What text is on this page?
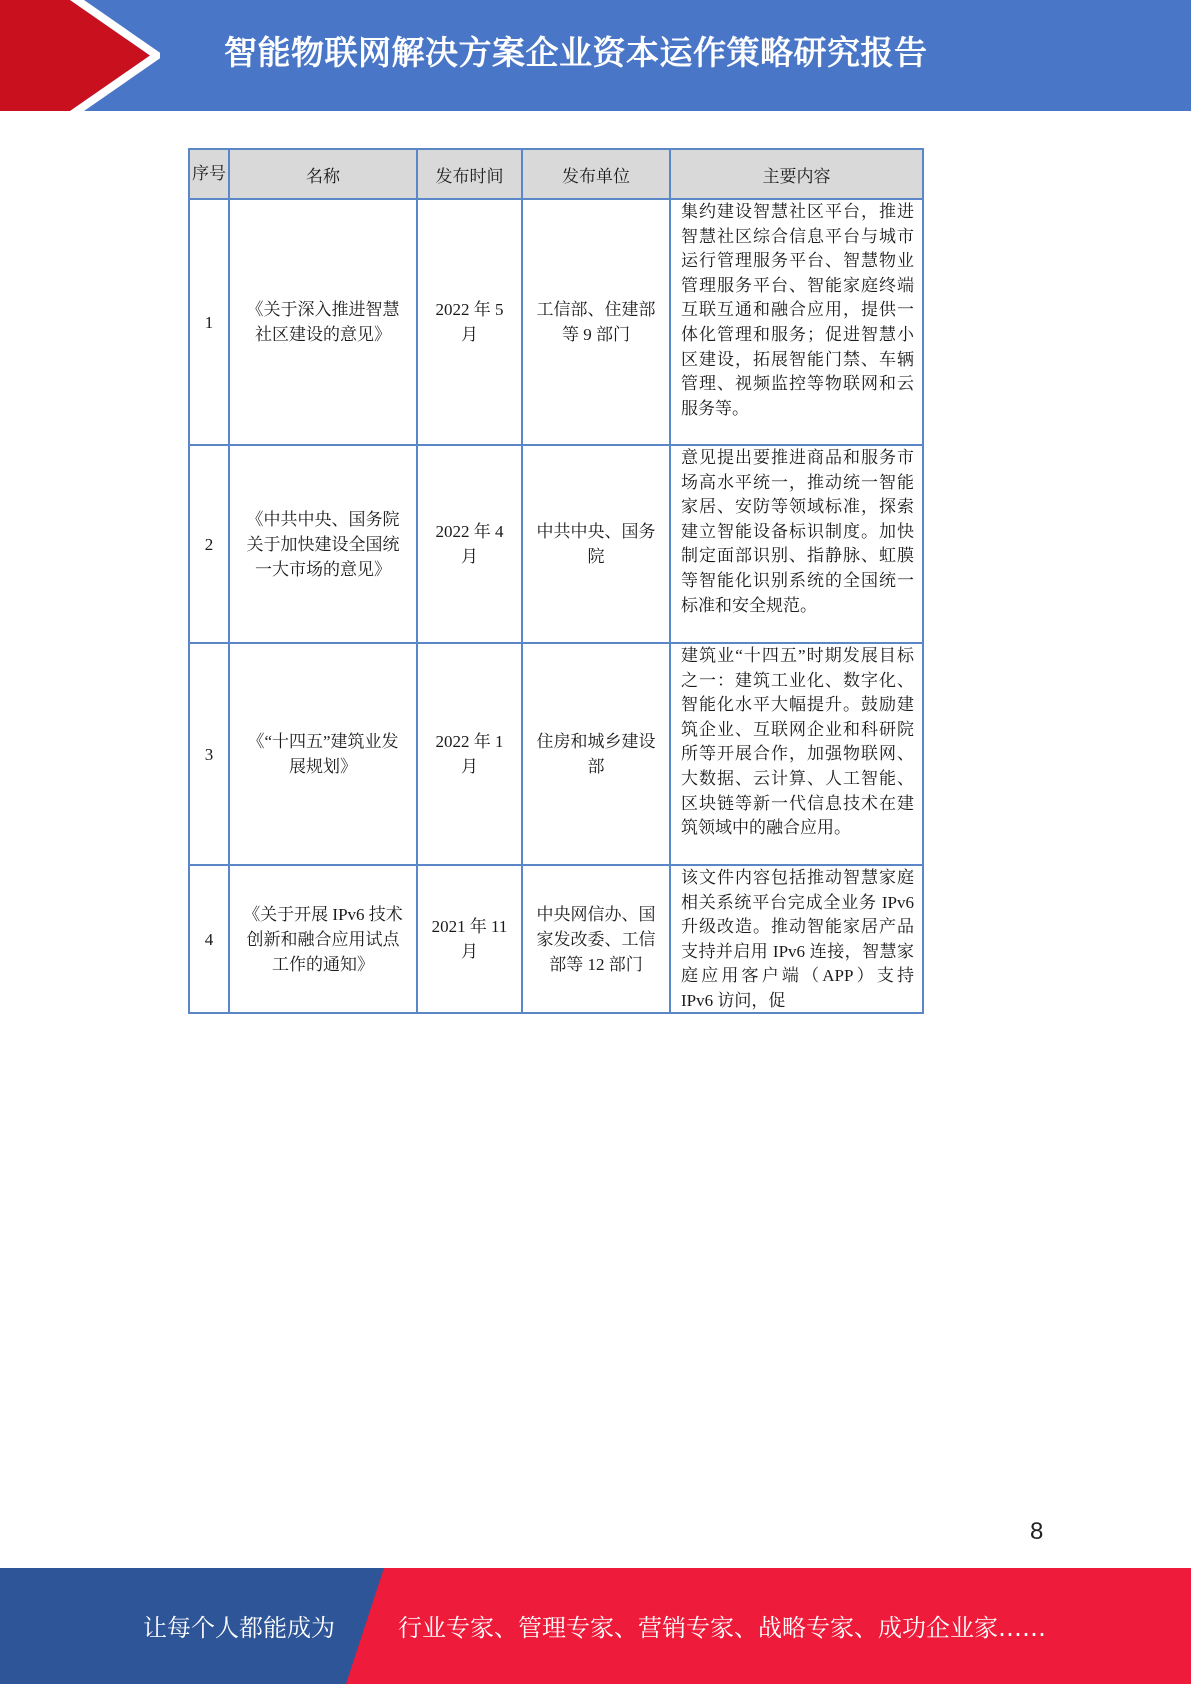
智能物联网解决方案企业资本运作策略研究报告
序号	名称	发布时间	发布单位	主要内容
1	《关于深入推进智慧社区建设的意见》	2022 年 5 月	工信部、住建部等 9 部门	集约建设智慧社区平台，推进智慧社区综合信息平台与城市运行管理服务平台、智慧物业管理服务平台、智能家庭终端互联互通和融合应用，提供一体化管理和服务；促进智慧小区建设，拓展智能门禁、车辆管理、视频监控等物联网和云服务等。
2	《中共中央、国务院关于加快建设全国统一大市场的意见》	2022 年 4 月	中共中央、国务院	意见提出要推进商品和服务市场高水平统一，推动统一智能家居、安防等领域标准，探索建立智能设备标识制度。加快制定面部识别、指静脉、虹膜等智能化识别系统的全国统一标准和安全规范。
3	《“十四五”建筑业发展规划》	2022 年 1 月	住房和城乡建设部	建筑业“十四五”时期发展目标之一：建筑工业化、数字化、智能化水平大幅提升。鼓励建筑企业、互联网企业和科研院所等开展合作，加强物联网、大数据、云计算、人工智能、区块链等新一代信息技术在建筑领域中的融合应用。
4	《关于开展 IPv6 技术创新和融合应用试点工作的通知》	2021 年 11 月	中央网信办、国家发改委、工信部等 12 部门	该文件内容包括推动智慧家庭相关系统平台完成全业务 IPv6 升级改造。推动智能家居产品支持并启用 IPv6 连接，智慧家庭应用客户端（APP）支持 IPv6 访问，促
8
让每个人都能成为	行业专家、管理专家、营销专家、战略专家、成功企业家……
